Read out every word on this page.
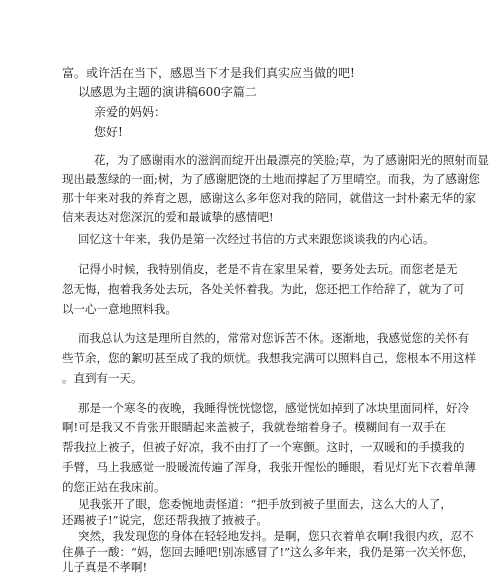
富。或许活在当下，感恩当下才是我们真实应当做的吧!
以感恩为主题的演讲稿600字篇二
亲爱的妈妈：
您好!
花，为了感谢雨水的滋润而绽开出最漂亮的笑脸;草，为了感谢阳光的照射而显
现出最葱绿的一面;树，为了感谢肥饶的土地而撑起了万里晴空。而我，为了感谢您
那十年来对我的养育之恩，感谢这么多年您对我的陪同，就借这一封朴素无华的家
信来表达对您深沉的爱和最诚挚的感情吧!
回忆这十年来，我仍是第一次经过书信的方式来跟您谈谈我的内心话。
记得小时候，我特别俏皮，老是不肯在家里呆着，要务处去玩。而您老是无
忽无悔，抱着我务处去玩，各处关怀着我。为此，您还把工作给辞了，就为了可
以一心一意地照料我。
而我总认为这是理所自然的，常常对您诉苦不休。逐渐地，我感觉您的关怀有
些节余，您的絮叨甚至成了我的烦忧。我想我完满可以照料自己，您根本不用这样
。直到有一天。
那是一个寒冬的夜晚，我睡得恍恍惚惚，感觉恍如掉到了冰块里面同样，好冷
啊!可是我又不肯张开眼睛起来盖被子，我就卷缩着身子。模糊间有一双手在
帮我拉上被子，但被子好凉，我不由打了一个寒颤。这时，一双暖和的手摸我的
手臂，马上我感觉一股暖流传遍了浑身，我张开惺忪的睡眼，看见灯光下衣着单薄
的您正站在我床前。
见我张开了眼，您委惋地责怪道：“把手放到被子里面去，这么大的人了，
还踢被子!”说完，您还帮我掖了掖被子。
突然，我发现您的身体在轻轻地发抖。是啊，您只衣着单衣啊!我很内疚，忍不
住鼻子一酸：“妈，您回去睡吧!别冻感冒了!”这么多年来，我仍是第一次关怀您，
儿子真是不孝啊!
